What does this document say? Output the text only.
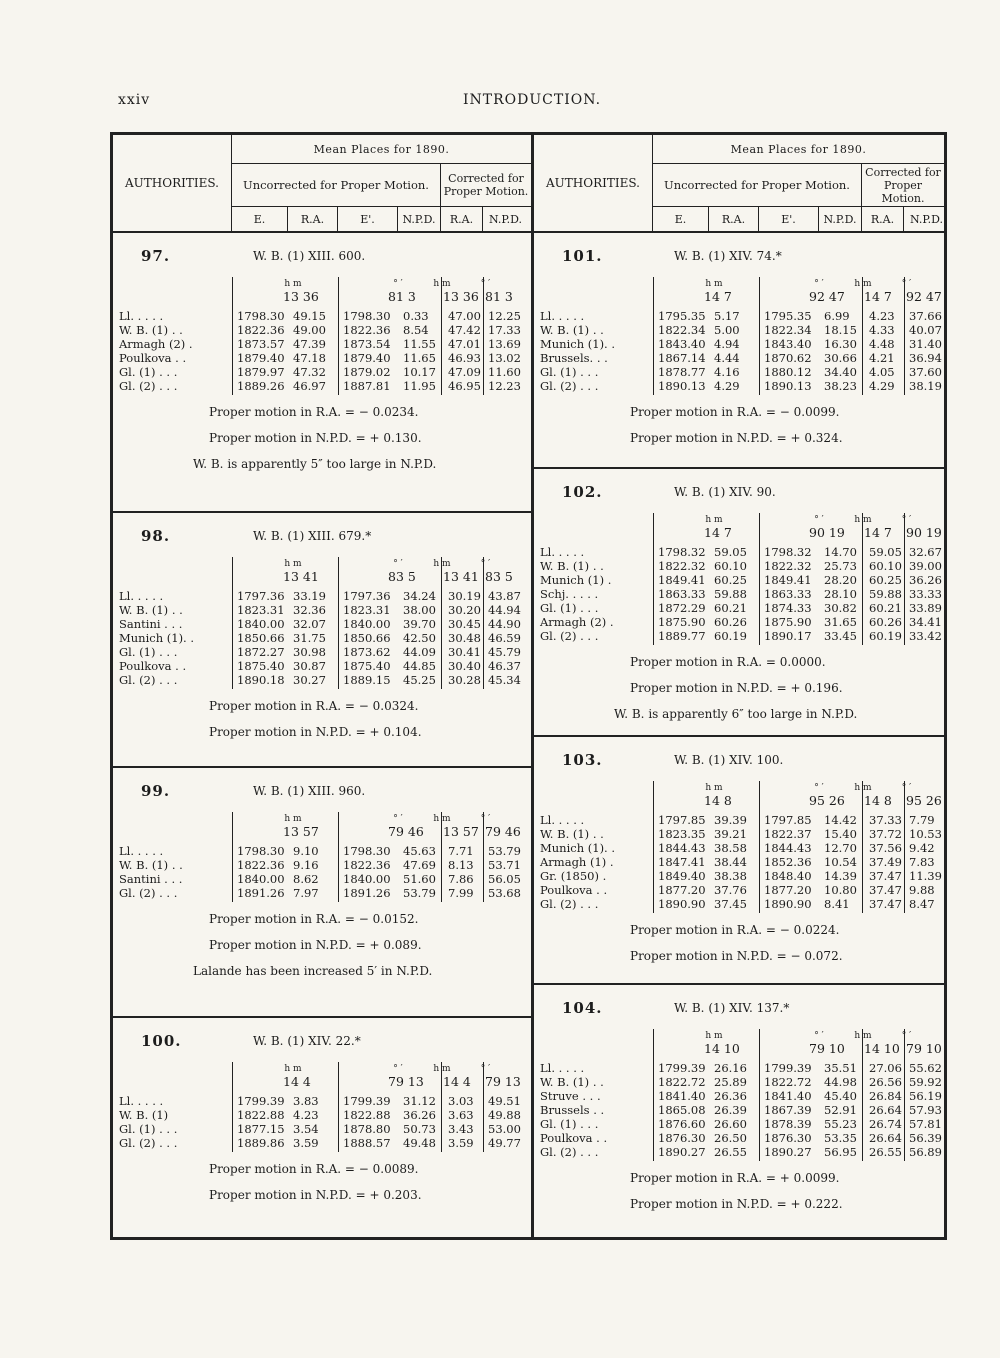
xxiv	INTRODUCTION.
AUTHORITIES.
Mean Places for 1890.
Uncorrected for Proper Motion.	Corrected for Proper Motion.
E.	R.A.	E'.	N.P.D.	R.A.	N.P.D.
97.	W. B. (1) XIII. 600.
h m	° ′	h m	° ′
13 36	81 3 13 36 81 3
Ll. . . . .	1798.30 49.15 1798.30 0.33 47.00 12.25
W. B. (1) . .	1822.36 49.00 1822.36 8.54 47.42 17.33
Armagh (2) .	1873.57 47.39 1873.54 11.55 47.01 13.69
Poulkova . .	1879.40 47.18 1879.40 11.65 46.93 13.02
Gl. (1) . . .	1879.97 47.32 1879.02 10.17 47.09 11.60
Gl. (2) . . .	1889.26 46.97 1887.81 11.95 46.95 12.23
Proper motion in R.A. = − 0.0234.
Proper motion in N.P.D. = + 0.130.
W. B. is apparently 5″ too large in N.P.D.
98.	W. B. (1) XIII. 679.*
h m	° ′	h m	° ′
13 41	83 5 13 41 83 5
Ll. . . . .	1797.36 33.19 1797.36 34.24 30.19 43.87
W. B. (1) . .	1823.31 32.36 1823.31 38.00 30.20 44.94
Santini . . .	1840.00 32.07 1840.00 39.70 30.45 44.90
Munich (1). .	1850.66 31.75 1850.66 42.50 30.48 46.59
Gl. (1) . . .	1872.27 30.98 1873.62 44.09 30.41 45.79
Poulkova . .	1875.40 30.87 1875.40 44.85 30.40 46.37
Gl. (2) . . .	1890.18 30.27 1889.15 45.25 30.28 45.34
Proper motion in R.A. = − 0.0324.
Proper motion in N.P.D. = + 0.104.
99.	W. B. (1) XIII. 960.
h m	° ′	h m	° ′
13 57	79 46 13 57 79 46
Ll. . . . .	1798.30 9.10 1798.30 45.63 7.71 53.79
W. B. (1) . .	1822.36 9.16 1822.36 47.69 8.13 53.71
Santini . . .	1840.00 8.62 1840.00 51.60 7.86 56.05
Gl. (2) . . .	1891.26 7.97 1891.26 53.79 7.99 53.68
Proper motion in R.A. = − 0.0152.
Proper motion in N.P.D. = + 0.089.
Lalande has been increased 5′ in N.P.D.
100.	W. B. (1) XIV. 22.*
h m	° ′	h m	° ′
14 4	79 13 14 4 79 13
Ll. . . . .	1799.39 3.83 1799.39 31.12 3.03 49.51
W. B. (1)	1822.88 4.23 1822.88 36.26 3.63 49.88
Gl. (1) . . .	1877.15 3.54 1878.80 50.73 3.43 53.00
Gl. (2) . . .	1889.86 3.59 1888.57 49.48 3.59 49.77
Proper motion in R.A. = − 0.0089.
Proper motion in N.P.D. = + 0.203.
AUTHORITIES.
Mean Places for 1890.
Uncorrected for Proper Motion.
Corrected for Proper Motion.
E.	R.A.	E'.	N.P.D.	R.A.	N.P.D.
101.	W. B. (1) XIV. 74.*
h m	° ′	h m	° ′
14 7	92 47 14 7 92 47
Ll. . . . .	1795.35 5.17 1795.35 6.99 4.23 37.66
W. B. (1) . .	1822.34 5.00 1822.34 18.15 4.33 40.07
Munich (1). .	1843.40 4.94 1843.40 16.30 4.48 31.40
Brussels. . .	1867.14 4.44 1870.62 30.66 4.21 36.94
Gl. (1) . . .	1878.77 4.16 1880.12 34.40 4.05 37.60
Gl. (2) . . .	1890.13 4.29 1890.13 38.23 4.29 38.19
Proper motion in R.A. = − 0.0099.
Proper motion in N.P.D. = + 0.324.
102.	W. B. (1) XIV. 90.
h m	° ′	h m	° ′
14 7	90 19 14 7 90 19
Ll. . . . .	1798.32 59.05 1798.32 14.70 59.05 32.67
W. B. (1) . .	1822.32 60.10 1822.32 25.73 60.10 39.00
Munich (1) .	1849.41 60.25 1849.41 28.20 60.25 36.26
Schj. . . . .	1863.33 59.88 1863.33 28.10 59.88 33.33
Gl. (1) . . .	1872.29 60.21 1874.33 30.82 60.21 33.89
Armagh (2) .	1875.90 60.26 1875.90 31.65 60.26 34.41
Gl. (2) . . .	1889.77 60.19 1890.17 33.45 60.19 33.42
Proper motion in R.A. = 0.0000.
Proper motion in N.P.D. = + 0.196.
W. B. is apparently 6″ too large in N.P.D.
103.	W. B. (1) XIV. 100.
h m	° ′	h m	° ′
14 8	95 26 14 8 95 26
Ll. . . . .	1797.85 39.39 1797.85 14.42 37.33 7.79
W. B. (1) . .	1823.35 39.21 1822.37 15.40 37.72 10.53
Munich (1). .	1844.43 38.58 1844.43 12.70 37.56 9.42
Armagh (1) .	1847.41 38.44 1852.36 10.54 37.49 7.83
Gr. (1850) .	1849.40 38.38 1848.40 14.39 37.47 11.39
Poulkova . .	1877.20 37.76 1877.20 10.80 37.47 9.88
Gl. (2) . . .	1890.90 37.45 1890.90 8.41 37.47 8.47
Proper motion in R.A. = − 0.0224.
Proper motion in N.P.D. = − 0.072.
104.	W. B. (1) XIV. 137.*
h m	° ′	h m	° ′
14 10	79 10 14 10 79 10
Ll. . . . .	1799.39 26.16 1799.39 35.51 27.06 55.62
W. B. (1) . .	1822.72 25.89 1822.72 44.98 26.56 59.92
Struve . . .	1841.40 26.36 1841.40 45.40 26.84 56.19
Brussels . .	1865.08 26.39 1867.39 52.91 26.64 57.93
Gl. (1) . . .	1876.60 26.60 1878.39 55.23 26.74 57.81
Poulkova . .	1876.30 26.50 1876.30 53.35 26.64 56.39
Gl. (2) . . .	1890.27 26.55 1890.27 56.95 26.55 56.89
Proper motion in R.A. = + 0.0099.
Proper motion in N.P.D. = + 0.222.
